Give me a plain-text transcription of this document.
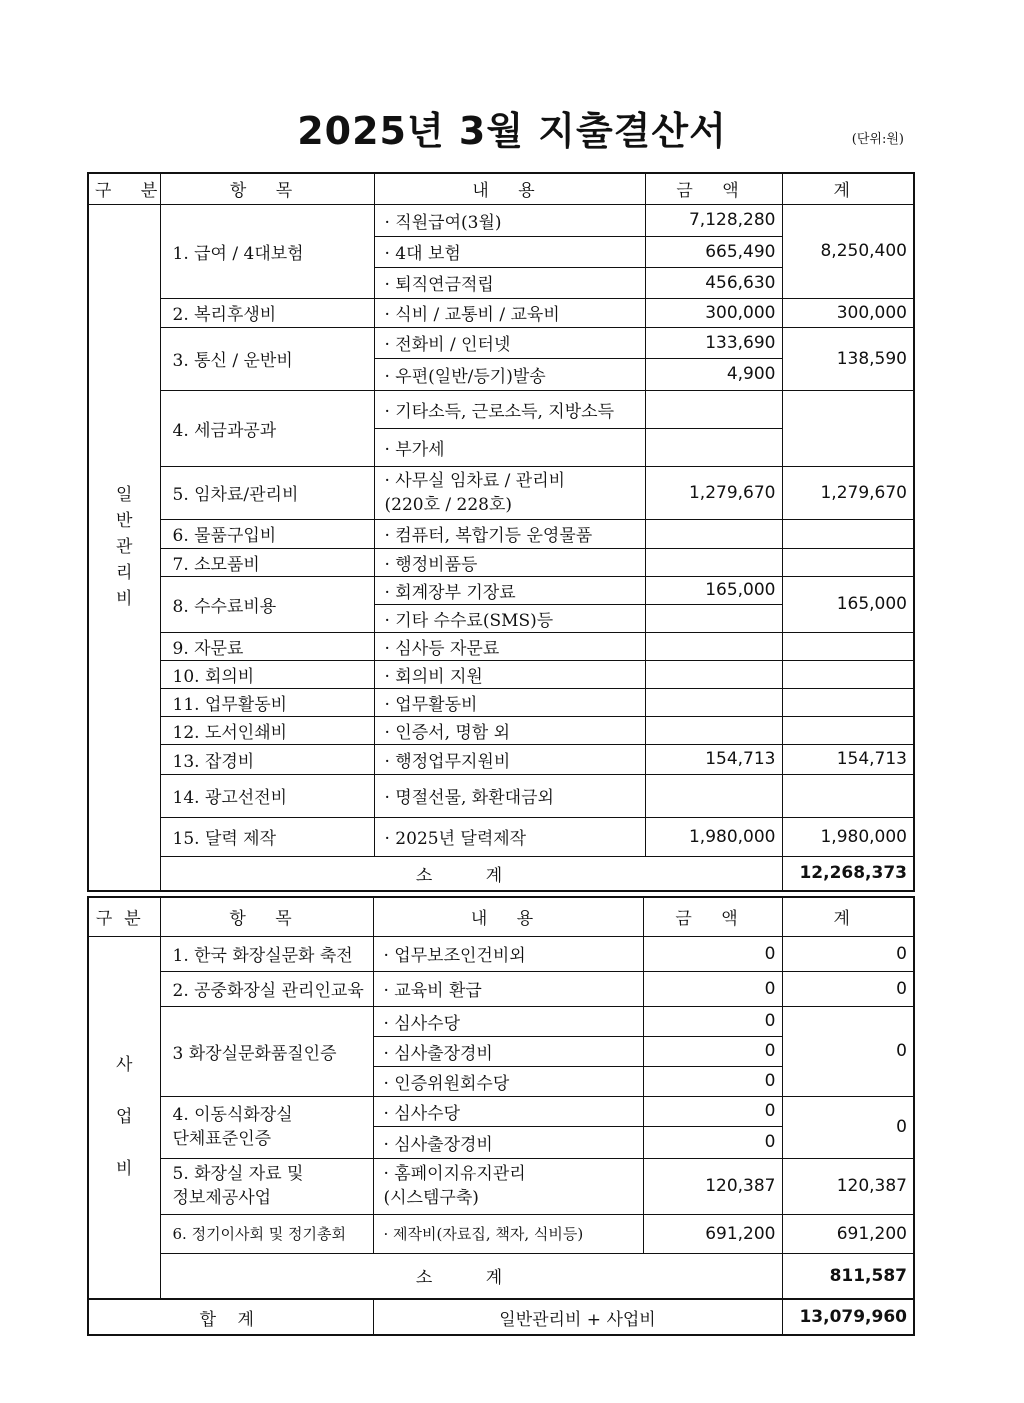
2025년 3월 지출결산서	(단위:원)
구 분	항 목	내 용	금 액	계
일
반
관
리
비	1. 급여 / 4대보험	· 직원급여(3월)	7,128,280	8,250,400
		· 4대 보험	665,490	
		· 퇴직연금적립	456,630	
	2. 복리후생비	· 식비 / 교통비 / 교육비	300,000	300,000
	3. 통신 / 운반비	· 전화비 / 인터넷	133,690	138,590
		· 우편(일반/등기)발송	4,900	
	4. 세금과공과	· 기타소득, 근로소득, 지방소득		
		· 부가세		
	5. 임차료/관리비	· 사무실 임차료 / 관리비
(220호 / 228호)	1,279,670	1,279,670
	6. 물품구입비	· 컴퓨터, 복합기등 운영물품		
	7. 소모품비	· 행정비품등		
	8. 수수료비용	· 회계장부 기장료	165,000	165,000
		· 기타 수수료(SMS)등		
	9. 자문료	· 심사등 자문료		
	10. 회의비	· 회의비 지원		
	11. 업무활동비	· 업무활동비		
	12. 도서인쇄비	· 인증서, 명함 외		
	13. 잡경비	· 행정업무지원비	154,713	154,713
	14. 광고선전비	· 명절선물, 화환대금외		
	15. 달력 제작	· 2025년 달력제작	1,980,000	1,980,000
	소 계			12,268,373
구분	항 목	내 용	금 액	계
사

업

비	1. 한국 화장실문화 축전	· 업무보조인건비외	0	0
	2. 공중화장실 관리인교육	· 교육비 환급	0	0
	3 화장실문화품질인증	· 심사수당	0	0
		· 심사출장경비	0	
		· 인증위원회수당	0	
	4. 이동식화장실
단체표준인증	· 심사수당	0	0
		· 심사출장경비	0	
	5. 화장실 자료 및
정보제공사업	· 홈페이지유지관리
(시스템구축)	120,387	120,387
	6. 정기이사회 및 정기총회	· 제작비(자료집, 책자, 식비등)	691,200	691,200
	소 계			811,587
합 계		일반관리비 + 사업비		13,079,960
